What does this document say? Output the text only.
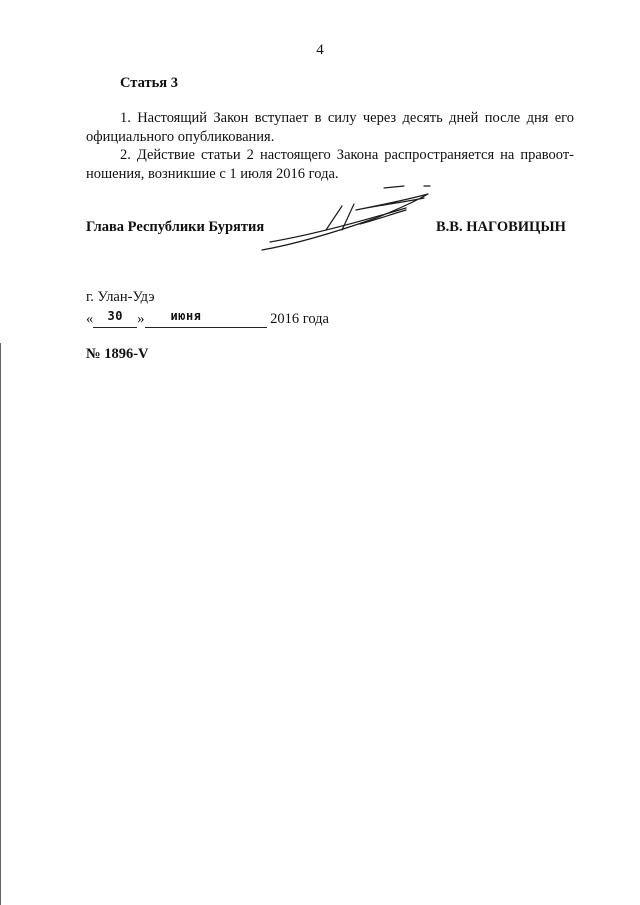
4
Статья 3
1. Настоящий Закон вступает в силу через десять дней после дня его официального опубликования.
2. Действие статьи 2 настоящего Закона распространяется на правоот-ношения, возникшие с 1 июля 2016 года.
Глава Республики Бурятия	В.В. НАГОВИЦЫН
г. Улан-Удэ
« $^{30}$ » $^{июня}$	2016 года
№ 1896-V
